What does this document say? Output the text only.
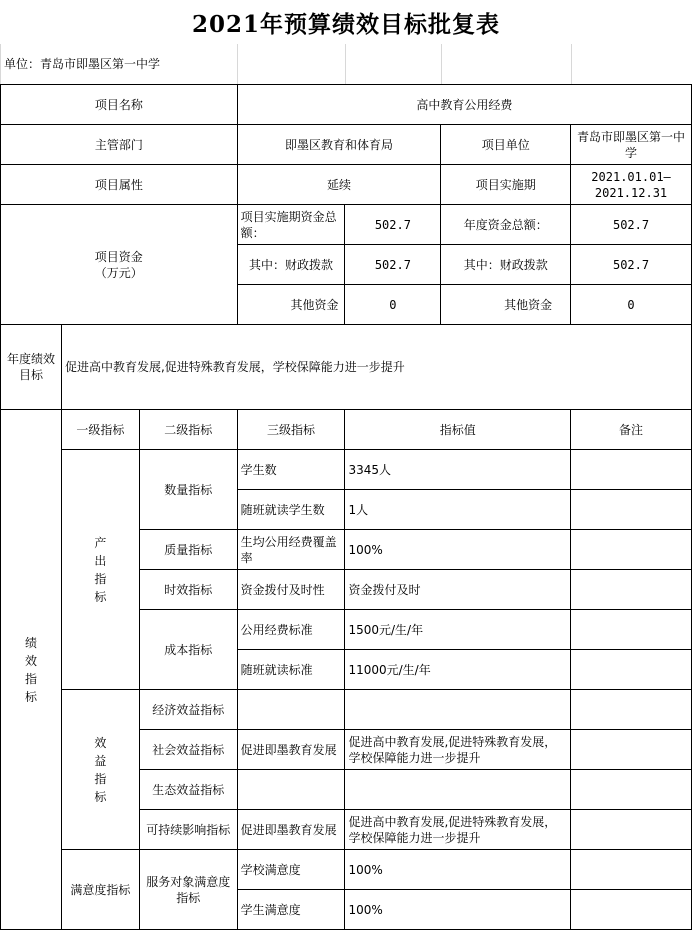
2021年预算绩效目标批复表
单位：青岛市即墨区第一中学				
项目名称			高中教育公用经费			
主管部门			即墨区教育和体育局		项目单位	青岛市即墨区第一中学
项目属性			延续		项目实施期	2021.01.01—2021.12.31
项目资金（万元）			项目实施期资金总额：	502.7	年度资金总额：	502.7
			其中：财政拨款	502.7	其中：财政拨款	502.7
			其他资金	0	其他资金	0
年度绩效目标	促进高中教育发展,促进特殊教育发展，学校保障能力进一步提升					
绩效指标	一级指标	二级指标	三级指标	指标值		备注
	产出指标	数量指标	学生数	3345人		
			随班就读学生数	1人		
		质量指标	生均公用经费覆盖率	100%		
		时效指标	资金拨付及时性	资金拨付及时		
		成本指标	公用经费标准	1500元/生/年		
			随班就读标准	11000元/生/年		
	效益指标	经济效益指标				
		社会效益指标	促进即墨教育发展	促进高中教育发展,促进特殊教育发展，学校保障能力进一步提升		
		生态效益指标				
		可持续影响指标	促进即墨教育发展	促进高中教育发展,促进特殊教育发展，学校保障能力进一步提升		
	满意度指标	服务对象满意度指标	学校满意度	100%		
			学生满意度	100%		
